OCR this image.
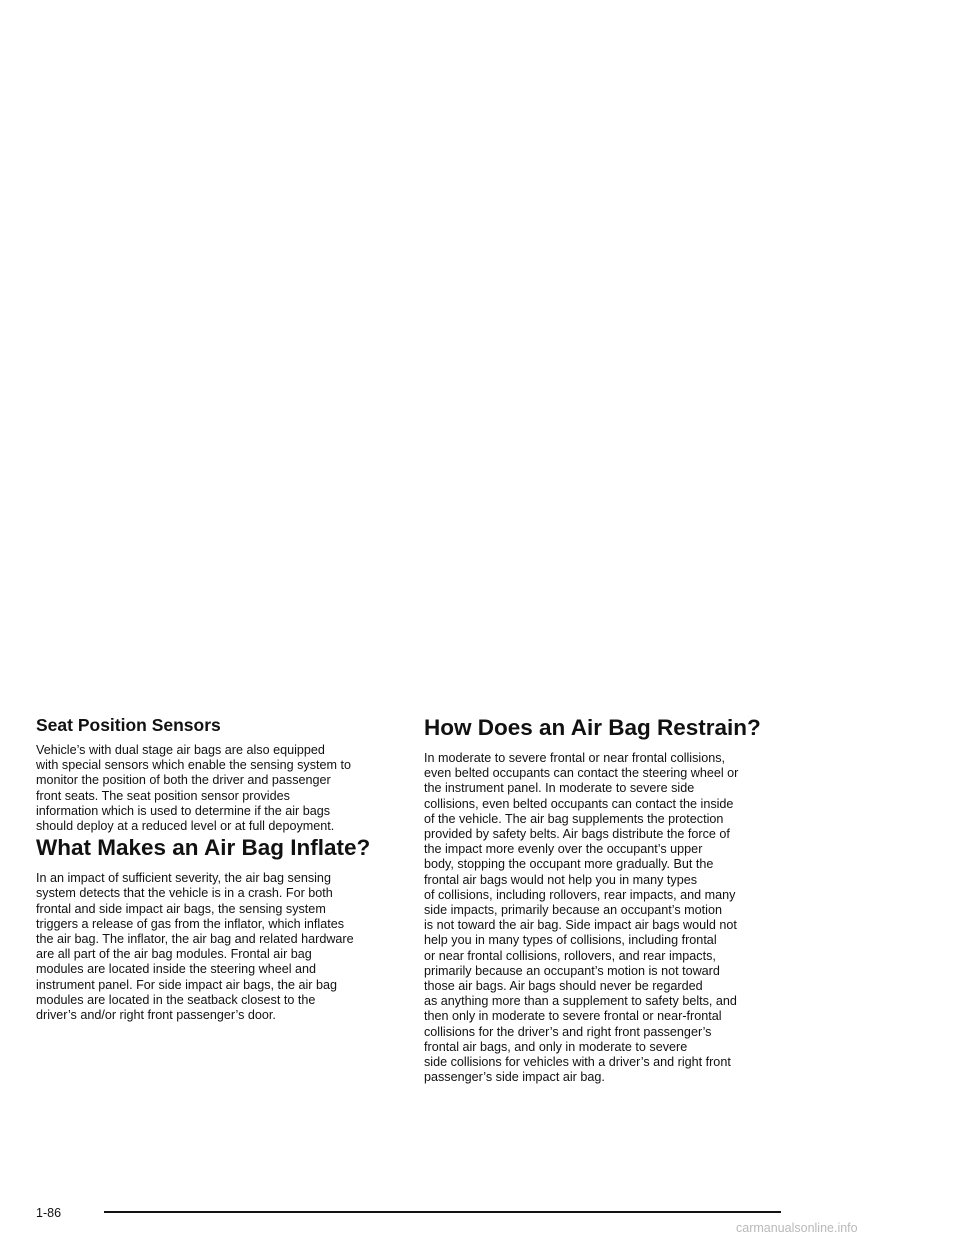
Seat Position Sensors
Vehicle’s with dual stage air bags are also equipped
with special sensors which enable the sensing system to
monitor the position of both the driver and passenger
front seats. The seat position sensor provides
information which is used to determine if the air bags
should deploy at a reduced level or at full depoyment.
What Makes an Air Bag Inflate?
In an impact of sufficient severity, the air bag sensing
system detects that the vehicle is in a crash. For both
frontal and side impact air bags, the sensing system
triggers a release of gas from the inflator, which inflates
the air bag. The inflator, the air bag and related hardware
are all part of the air bag modules. Frontal air bag
modules are located inside the steering wheel and
instrument panel. For side impact air bags, the air bag
modules are located in the seatback closest to the
driver’s and/or right front passenger’s door.
How Does an Air Bag Restrain?
In moderate to severe frontal or near frontal collisions,
even belted occupants can contact the steering wheel or
the instrument panel. In moderate to severe side
collisions, even belted occupants can contact the inside
of the vehicle. The air bag supplements the protection
provided by safety belts. Air bags distribute the force of
the impact more evenly over the occupant’s upper
body, stopping the occupant more gradually. But the
frontal air bags would not help you in many types
of collisions, including rollovers, rear impacts, and many
side impacts, primarily because an occupant’s motion
is not toward the air bag. Side impact air bags would not
help you in many types of collisions, including frontal
or near frontal collisions, rollovers, and rear impacts,
primarily because an occupant’s motion is not toward
those air bags. Air bags should never be regarded
as anything more than a supplement to safety belts, and
then only in moderate to severe frontal or near-frontal
collisions for the driver’s and right front passenger’s
frontal air bags, and only in moderate to severe
side collisions for vehicles with a driver’s and right front
passenger’s side impact air bag.
1-86
carmanualsonline.info
